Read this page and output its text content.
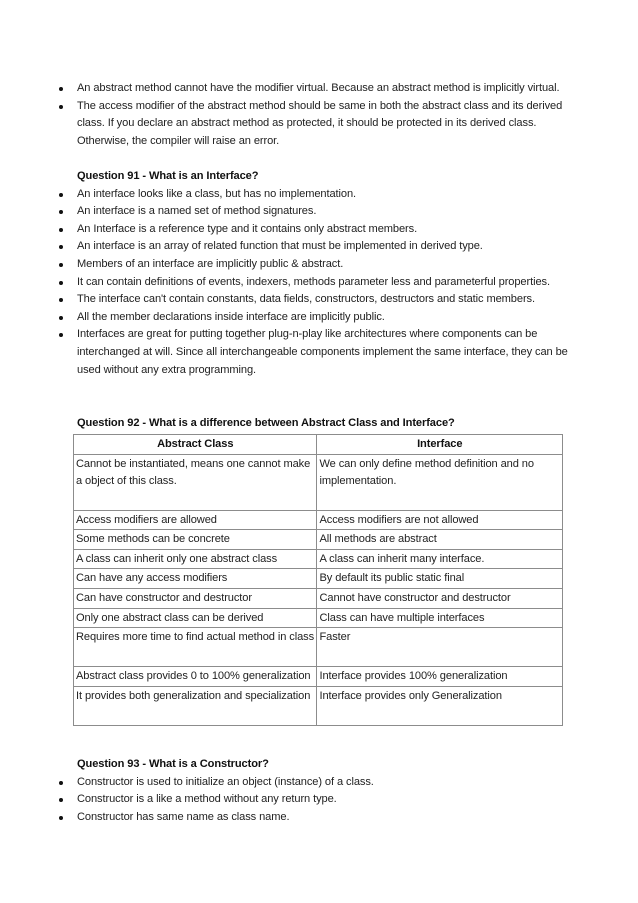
An abstract method cannot have the modifier virtual. Because an abstract method is implicitly virtual.
The access modifier of the abstract method should be same in both the abstract class and its derived class. If you declare an abstract method as protected, it should be protected in its derived class. Otherwise, the compiler will raise an error.
Question 91 - What is an Interface?
An interface looks like a class, but has no implementation.
An interface is a named set of method signatures.
An Interface is a reference type and it contains only abstract members.
An interface is an array of related function that must be implemented in derived type.
Members of an interface are implicitly public & abstract.
It can contain definitions of events, indexers, methods parameter less and parameterful properties.
The interface can't contain constants, data fields, constructors, destructors and static members.
All the member declarations inside interface are implicitly public.
Interfaces are great for putting together plug-n-play like architectures where components can be interchanged at will. Since all interchangeable components implement the same interface, they can be used without any extra programming.
Question 92 - What is a difference between Abstract Class and Interface?
Abstract Class	Interface
Cannot be instantiated, means one cannot make a object of this class.	We can only define method definition and no implementation.
Access modifiers are allowed	Access modifiers are not allowed
Some methods can be concrete	All methods are abstract
A class can inherit only one abstract class	A class can inherit many interface.
Can have any access modifiers	By default its public static final
Can have constructor and destructor	Cannot have constructor and destructor
Only one abstract class can be derived	Class can have multiple interfaces
Requires more time to find actual method in class	Faster
Abstract class provides 0 to 100% generalization	Interface provides 100% generalization
It provides both generalization and specialization	Interface provides only Generalization
Question 93 - What is a Constructor?
Constructor is used to initialize an object (instance) of a class.
Constructor is a like a method without any return type.
Constructor has same name as class name.
